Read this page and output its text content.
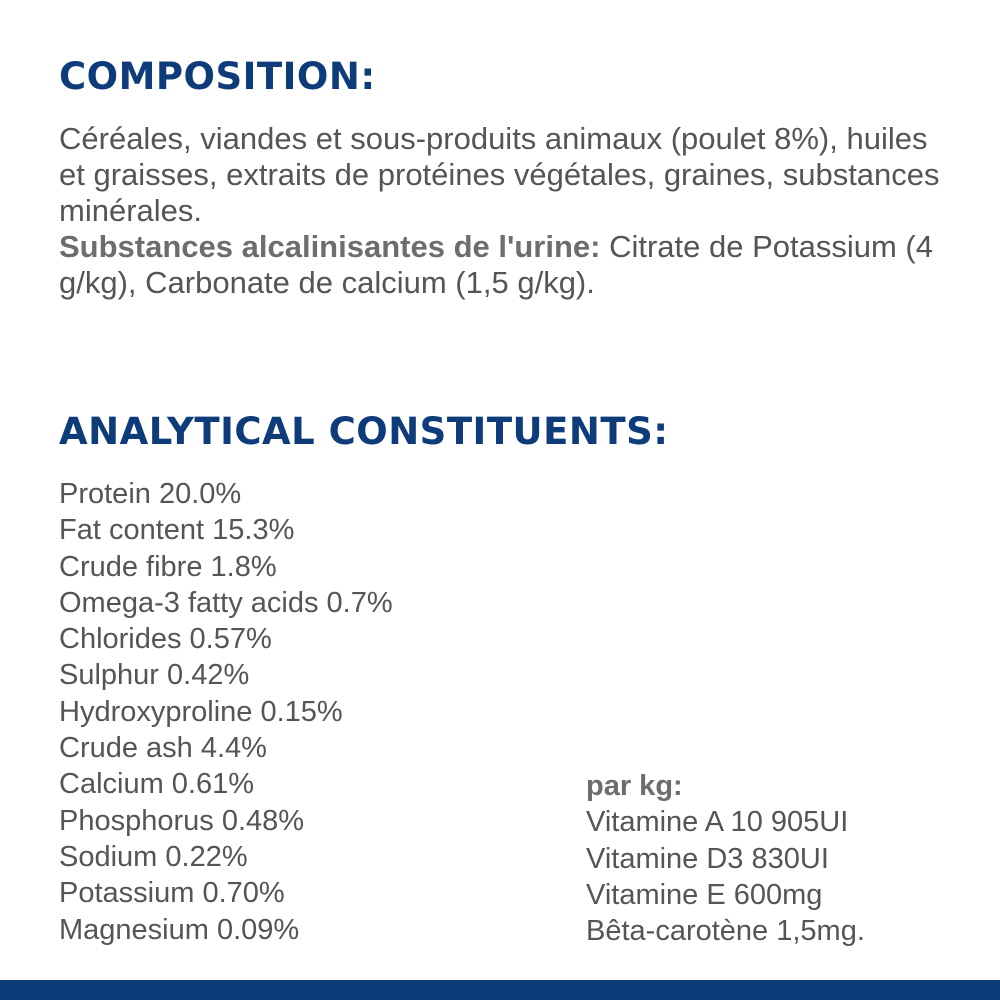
COMPOSITION:

Céréales, viandes et sous-produits animaux (poulet 8%), huiles et graisses, extraits de protéines végétales, graines, substances minérales.

Substances alcalinisantes de l'urine: Citrate de Potassium (4 g/kg), Carbonate de calcium (1,5 g/kg).

ANALYTICAL CONSTITUENTS:
Protein 20.0%
Fat content 15.3%
Crude fibre 1.8%
Omega-3 fatty acids 0.7%
Chlorides 0.57%
Sulphur 0.42%
Hydroxyproline 0.15%
Crude ash 4.4%
Calcium 0.61%
Phosphorus 0.48%
Sodium 0.22%
Potassium 0.70%
Magnesium 0.09%
par kg:
Vitamine A 10 905UI
Vitamine D3 830UI
Vitamine E 600mg
Bêta-carotène 1,5mg.
